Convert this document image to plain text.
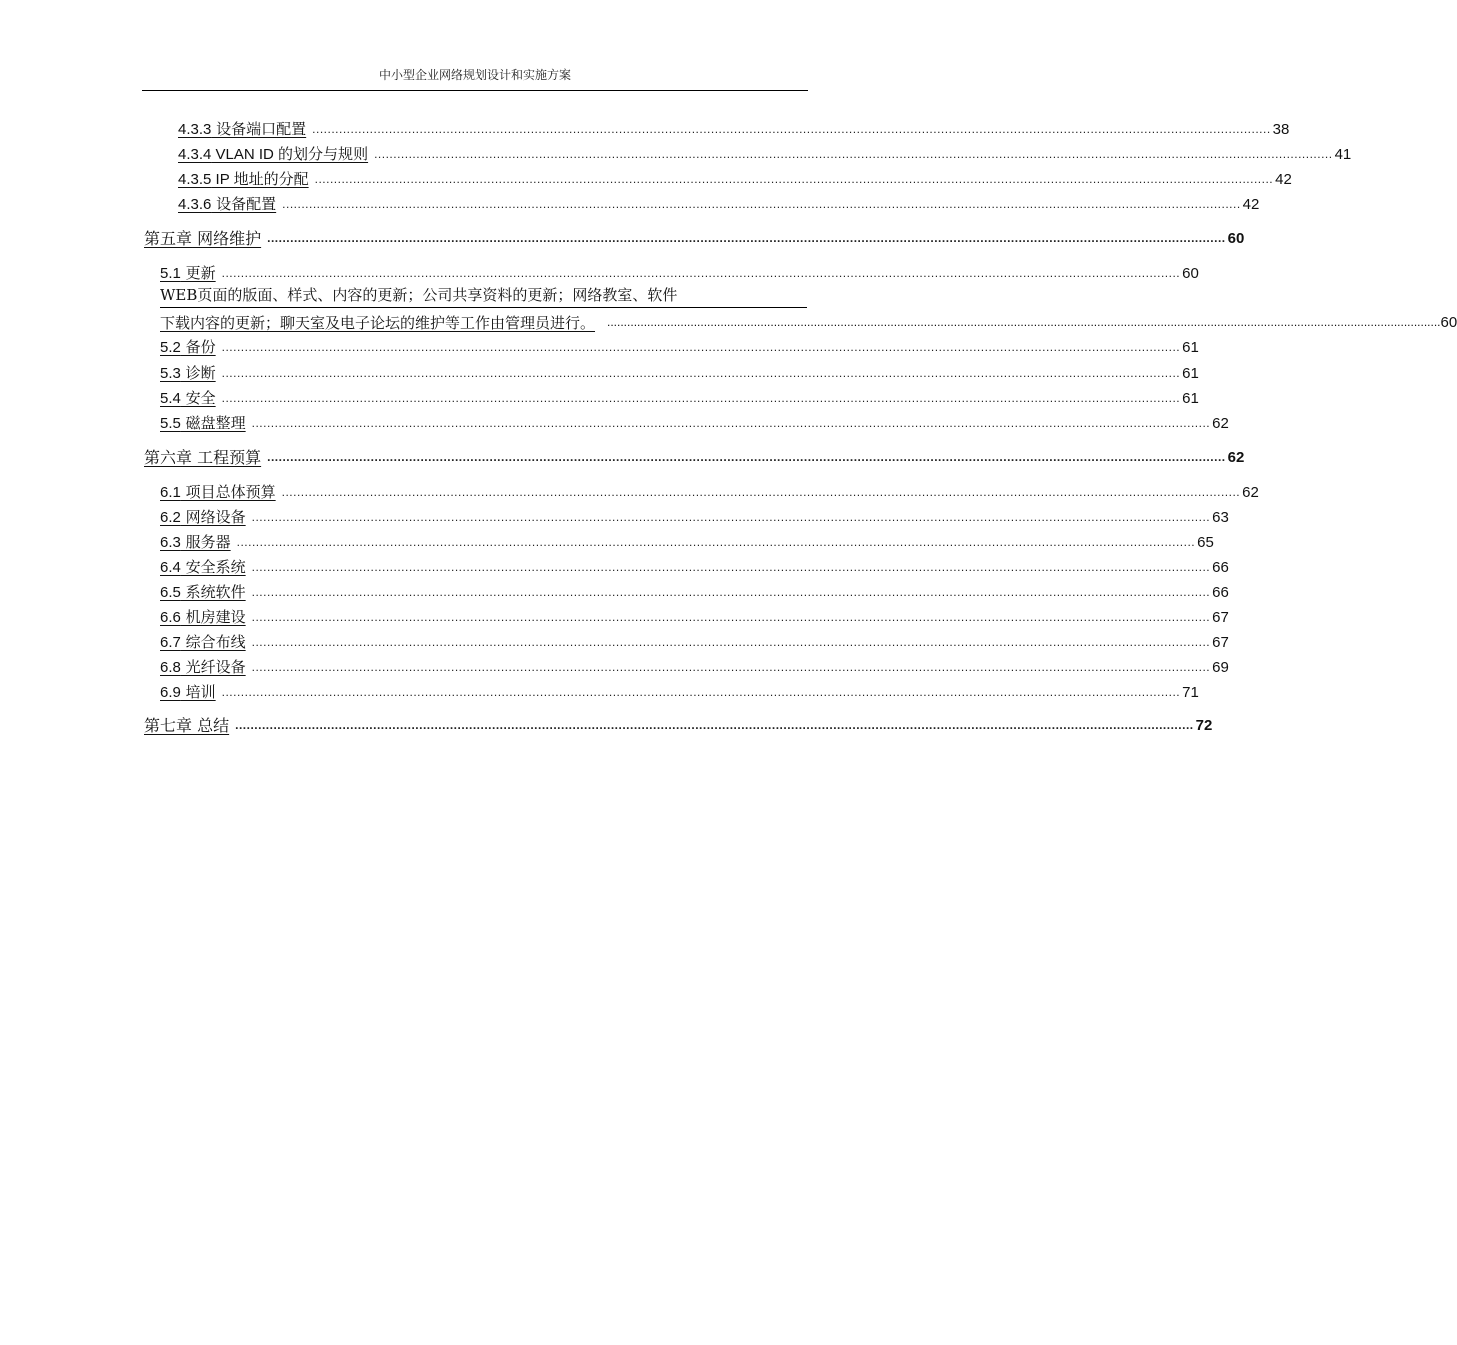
中小型企业网络规划设计和实施方案
4.3.3 设备端口配置 .......................................................................................................................................................................................................................................................... 38
4.3.4 VLAN ID 的划分与规则 .......................................................................................................................................................................................................................................................... 41
4.3.5 IP 地址的分配 .......................................................................................................................................................................................................................................................... 42
4.3.6 设备配置 .......................................................................................................................................................................................................................................................... 42
第五章 网络维护 .......................................................................................................................................................................................................................................................... 60
5.1 更新 .......................................................................................................................................................................................................................................................... 60
WEB页面的版面、样式、内容的更新；公司共享资料的更新；网络教室、软件
下载内容的更新；聊天室及电子论坛的维护等工作由管理员进行。	.......................................................................................................................................................................................................................................................... 60
5.2 备份 .......................................................................................................................................................................................................................................................... 61
5.3 诊断 .......................................................................................................................................................................................................................................................... 61
5.4 安全 .......................................................................................................................................................................................................................................................... 61
5.5 磁盘整理 .......................................................................................................................................................................................................................................................... 62
第六章 工程预算 .......................................................................................................................................................................................................................................................... 62
6.1 项目总体预算 .......................................................................................................................................................................................................................................................... 62
6.2 网络设备 .......................................................................................................................................................................................................................................................... 63
6.3 服务器 .......................................................................................................................................................................................................................................................... 65
6.4 安全系统 .......................................................................................................................................................................................................................................................... 66
6.5 系统软件 .......................................................................................................................................................................................................................................................... 66
6.6 机房建设 .......................................................................................................................................................................................................................................................... 67
6.7 综合布线 .......................................................................................................................................................................................................................................................... 67
6.8 光纤设备 .......................................................................................................................................................................................................................................................... 69
6.9 培训 .......................................................................................................................................................................................................................................................... 71
第七章 总结 .......................................................................................................................................................................................................................................................... 72
